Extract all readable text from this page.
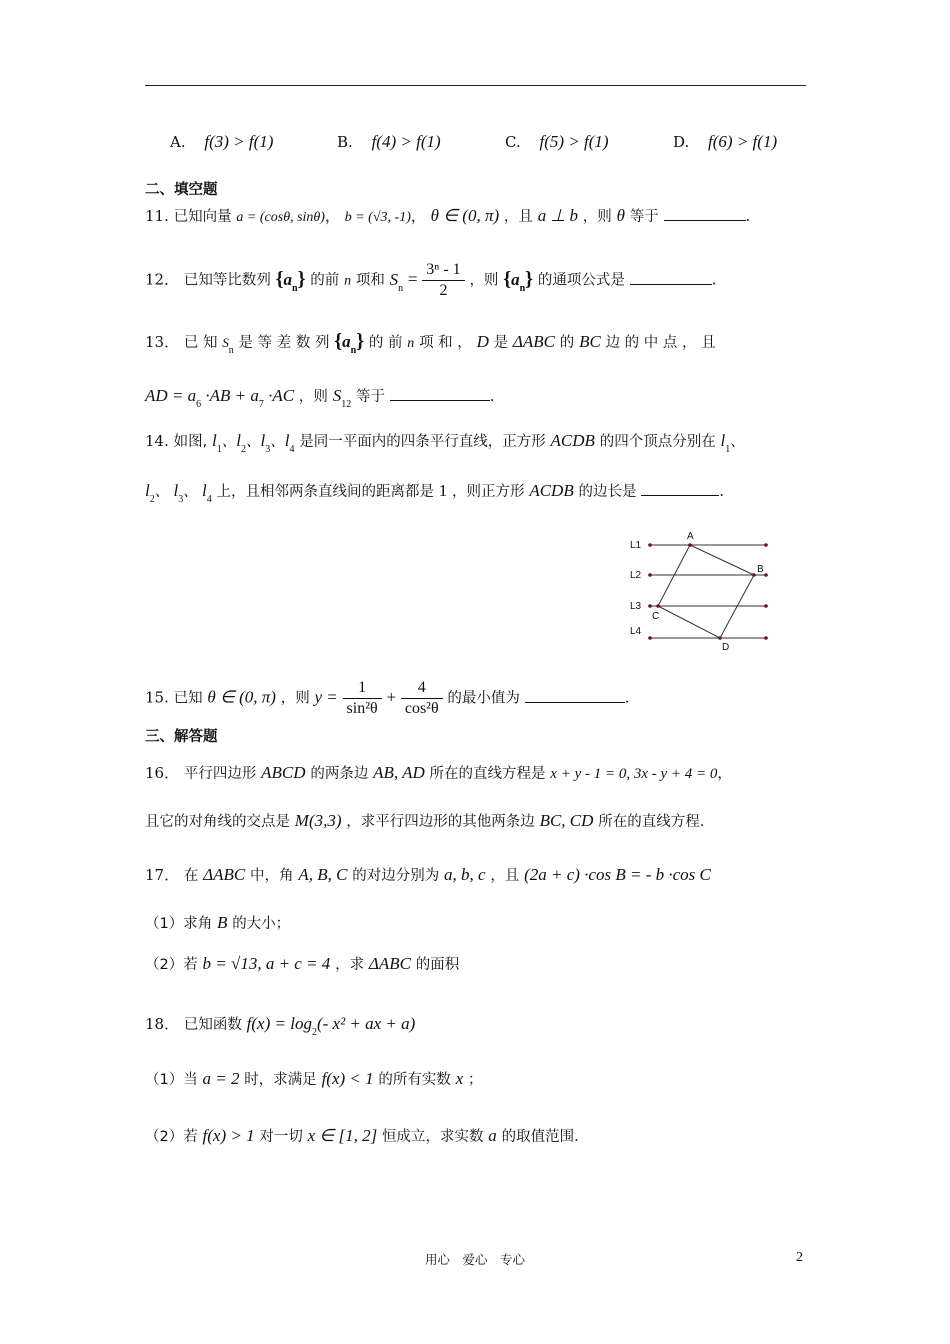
A. f(3) > f(1)	B. f(4) > f(1)	C. f(5) > f(1)	D. f(6) > f(1)
二、填空题
11. 已知向量 a = (cosθ, sinθ)， b = (√3, -1)， θ ∈ (0, π) ，且 a ⊥ b ，则 θ 等于	.
12． 已知等比数列 $\{a_n\}$ 的前 n 项和 $S_n = \frac{\text{3ⁿ - 1}}{2}$ ，则 $\{a_n\}$ 的通项公式是	.
13． 已 知 $S_n$ 是 等 差 数 列 $\{a_n\}$ 的 前 n 项 和 ， D 是 ΔABC 的 BC 边 的 中 点 ， 且
AD = $a_6 \cdot AB + a_7 \cdot AC$ ，则 $S_{12}$ 等于	.
14. 如图, $l_1$、$l_2$、$l_3$、$l_4$ 是同一平面内的四条平行直线，正方形 ACDB 的四个顶点分别在 $l_1$、
$l_2$、 $l_3$、 $l_4$ 上，且相邻两条直线间的距离都是 1 ，则正方形 ACDB 的边长是	.
L1
L2
L3
L4
A
B
C
D
15. 已知 θ ∈ (0, π) ，则 $y = \frac{1}{\text{sin²θ}} + \frac{4}{\text{cos²θ}}$ 的最小值为	.
三、解答题
16． 平行四边形 ABCD 的两条边 AB, AD 所在的直线方程是 x + y - 1 = 0, 3x - y + 4 = 0，
且它的对角线的交点是 M(3,3) ，求平行四边形的其他两条边 BC, CD 所在的直线方程.
17． 在 ΔABC 中，角 A, B, C 的对边分别为 a, b, c ，且 (2a + c) ·cos B = - b ·cos C
（1）求角 B 的大小；
（2）若 b = √13, a + c = 4 ，求 ΔABC 的面积
18． 已知函数 $f(x) = \log_2(-$ x² + ax + a)
（1）当 a = 2 时，求满足 f(x) < 1 的所有实数 x ；
（2）若 f(x) > 1 对一切 x ∈ [1, 2] 恒成立，求实数 a 的取值范围.
用心　爱心　专心	2
